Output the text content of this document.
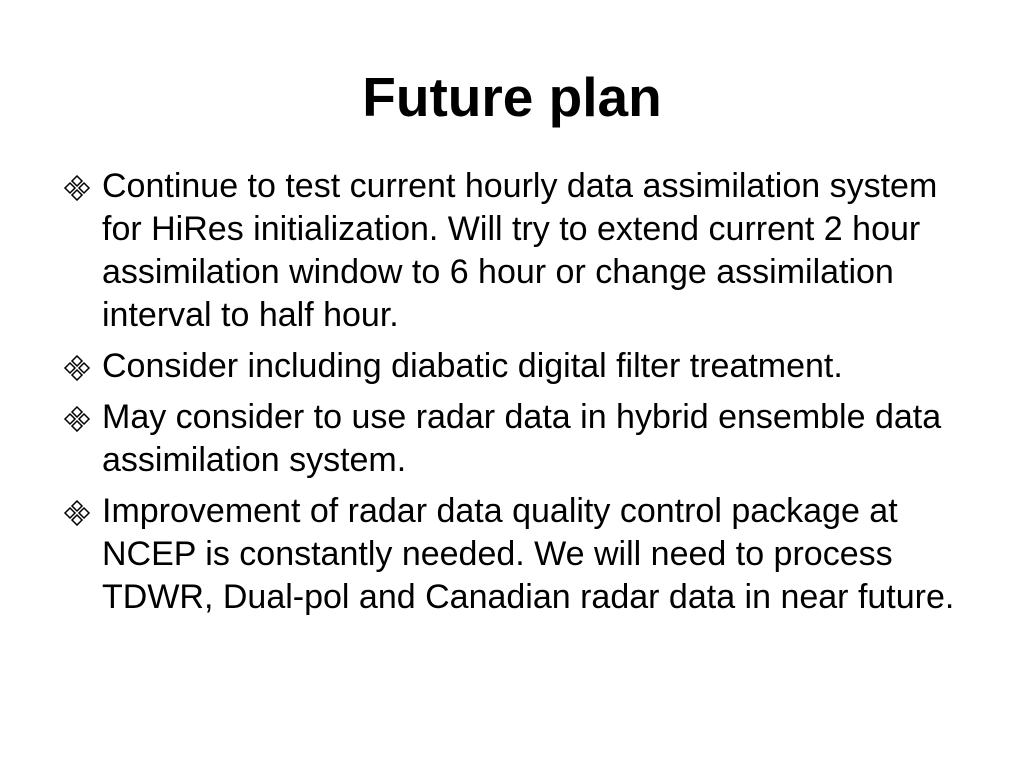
Future plan
Continue to test current hourly data assimilation system for HiRes initialization. Will try to extend current 2 hour assimilation window to 6 hour or change assimilation interval to half hour.
Consider including diabatic digital filter treatment.
May consider to use radar data in hybrid ensemble data assimilation system.
Improvement of radar data quality control package at NCEP is constantly needed. We will need to process TDWR, Dual-pol and Canadian radar data in near future.
